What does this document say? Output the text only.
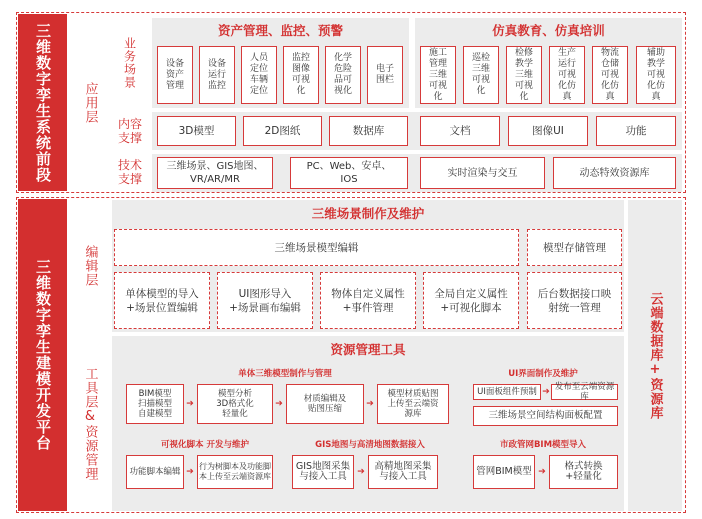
三维数字孪生系统前段	应用层
业务场景
内容支撑
技术支撑
资产管理、监控、预警
设备
资产
管理
设备
运行
监控
人员
定位
车辆
定位
监控
图像
可视
化
化学
危险
品可
视化
电子
围栏
仿真教育、仿真培训
施工
管理
三维
可视
化
巡检
三维
可视
化
检修
教学
三维
可视
化
生产
运行
可视
化仿
真
物流
仓储
可视
化仿
真
辅助
教学
可视
化仿
真
3D模型	2D图纸	数据库	文档	图像UI	功能
三维场景、GIS地图、
VR/AR/MR
PC、Web、安卓、
IOS
实时渲染与交互	动态特效资源库
三维数字孪生建模开发平台	编辑层
工具层&资源管理
三维场景制作及维护
三维场景模型编辑	模型存储管理
单体模型的导入
+场景位置编辑
UI图形导入
+场景画布编辑
物体自定义属性
+事件管理
全局自定义属性
+可视化脚本
后台数据接口映
射统一管理	云端数据库+资源库
资源管理工具
单体三维模型制作与管理
BIM模型
扫描模型
自建模型
➔
模型分析
3D格式化
轻量化
➔	材质编辑及
贴图压缩	➔
模型材质贴图
上传至云端资
源库
UI界面制作及维护
UI面板组件预制 ➔ 发布至云端资源库
三维场景空间结构面板配置
可视化脚本 开发与维护
功能脚本编辑 ➔
行为树脚本及功能脚
本上传至云端资源库
GIS地图与高清地图数据接入
GIS地图采集
与接入工具	➔	高精地图采集
与接入工具
市政管网BIM模型导入
管网BIM模型 ➔	格式转换
+轻量化
